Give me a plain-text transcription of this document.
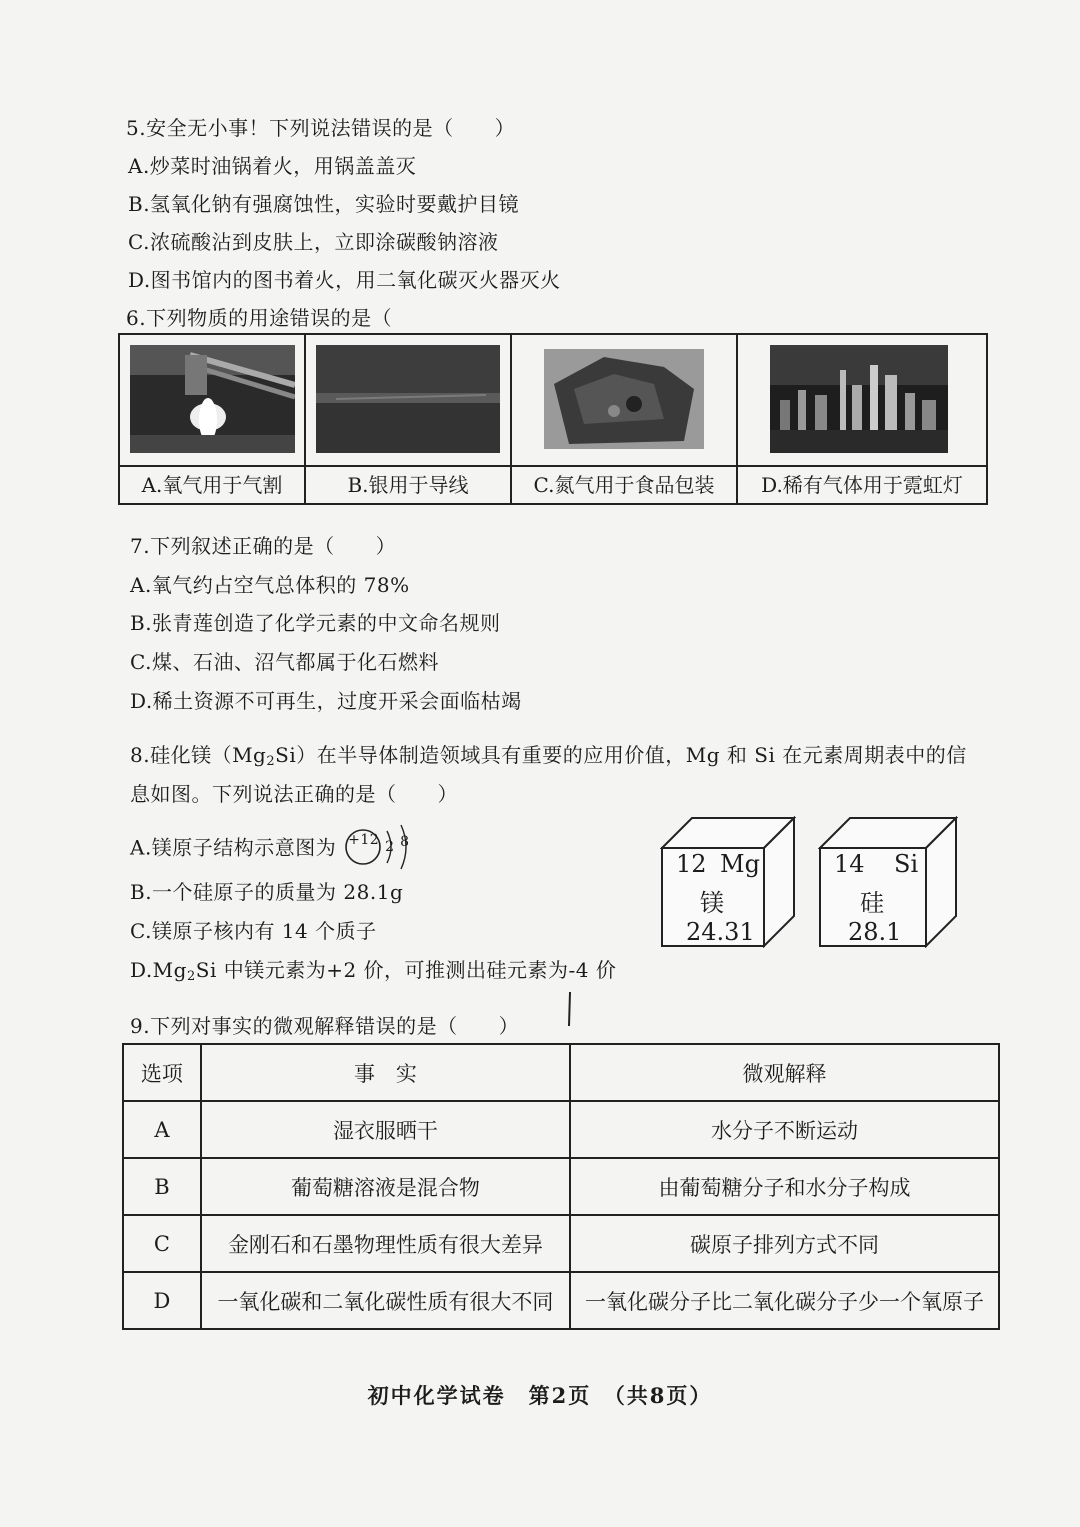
5.安全无小事！下列说法错误的是（　　）
A.炒菜时油锅着火，用锅盖盖灭
B.氢氧化钠有强腐蚀性，实验时要戴护目镜
C.浓硫酸沾到皮肤上，立即涂碳酸钠溶液
D.图书馆内的图书着火，用二氧化碳灭火器灭火
6.下列物质的用途错误的是（
A.氧气用于气割	B.银用于导线	C.氮气用于食品包装	D.稀有气体用于霓虹灯
7.下列叙述正确的是（　　）
A.氧气约占空气总体积的 78%
B.张青莲创造了化学元素的中文命名规则
C.煤、石油、沼气都属于化石燃料
D.稀土资源不可再生，过度开采会面临枯竭
8.硅化镁$(Mg_2Si)$在半导体制造领域具有重要的应用价值，Mg 和 Si 在元素周期表中的信
息如图。下列说法正确的是（　　）
A.镁原子结构示意图为 +12 2 8
B.一个硅原子的质量为 28.1g
C.镁原子核内有 14 个质子
$D.Mg_2Si$ 中镁元素为+2 价，可推测出硅元素为-4 价
12 Mg
镁
24.31
14 Si
硅
28.1
9.下列对事实的微观解释错误的是（　　）
选项	事　实	微观解释
A	湿衣服晒干	水分子不断运动
B	葡萄糖溶液是混合物	由葡萄糖分子和水分子构成
C	金刚石和石墨物理性质有很大差异	碳原子排列方式不同
D	一氧化碳和二氧化碳性质有很大不同	一氧化碳分子比二氧化碳分子少一个氧原子
初中化学试卷　第2页　（共8页）
